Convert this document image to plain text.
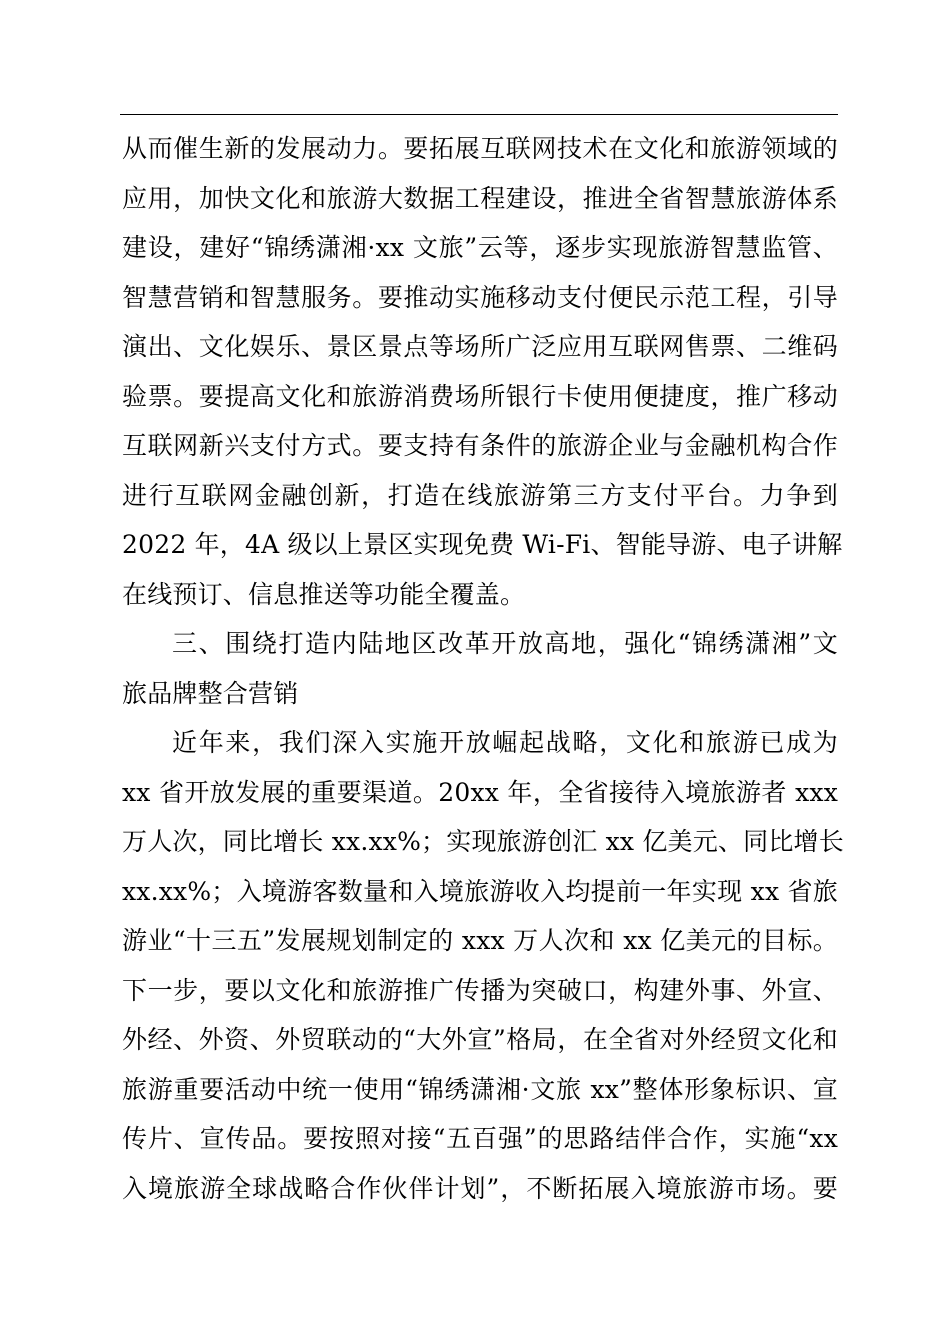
从而催生新的发展动力。要拓展互联网技术在文化和旅游领域的
应用，加快文化和旅游大数据工程建设，推进全省智慧旅游体系
建设，建好“锦绣潇湘·xx 文旅”云等，逐步实现旅游智慧监管、
智慧营销和智慧服务。要推动实施移动支付便民示范工程，引导
演出、文化娱乐、景区景点等场所广泛应用互联网售票、二维码
验票。要提高文化和旅游消费场所银行卡使用便捷度，推广移动
互联网新兴支付方式。要支持有条件的旅游企业与金融机构合作
进行互联网金融创新，打造在线旅游第三方支付平台。力争到
2022 年，4A 级以上景区实现免费 Wi-Fi、智能导游、电子讲解
在线预订、信息推送等功能全覆盖。
三、围绕打造内陆地区改革开放高地，强化“锦绣潇湘”文
旅品牌整合营销
近年来，我们深入实施开放崛起战略，文化和旅游已成为
xx 省开放发展的重要渠道。20xx 年，全省接待入境旅游者 xxx
万人次，同比增长 xx.xx%；实现旅游创汇 xx 亿美元、同比增长
xx.xx%；入境游客数量和入境旅游收入均提前一年实现 xx 省旅
游业“十三五”发展规划制定的 xxx 万人次和 xx 亿美元的目标。
下一步，要以文化和旅游推广传播为突破口，构建外事、外宣、
外经、外资、外贸联动的“大外宣”格局，在全省对外经贸文化和
旅游重要活动中统一使用“锦绣潇湘·文旅 xx”整体形象标识、宣
传片、宣传品。要按照对接“五百强”的思路结伴合作，实施“xx
入境旅游全球战略合作伙伴计划”，不断拓展入境旅游市场。要
